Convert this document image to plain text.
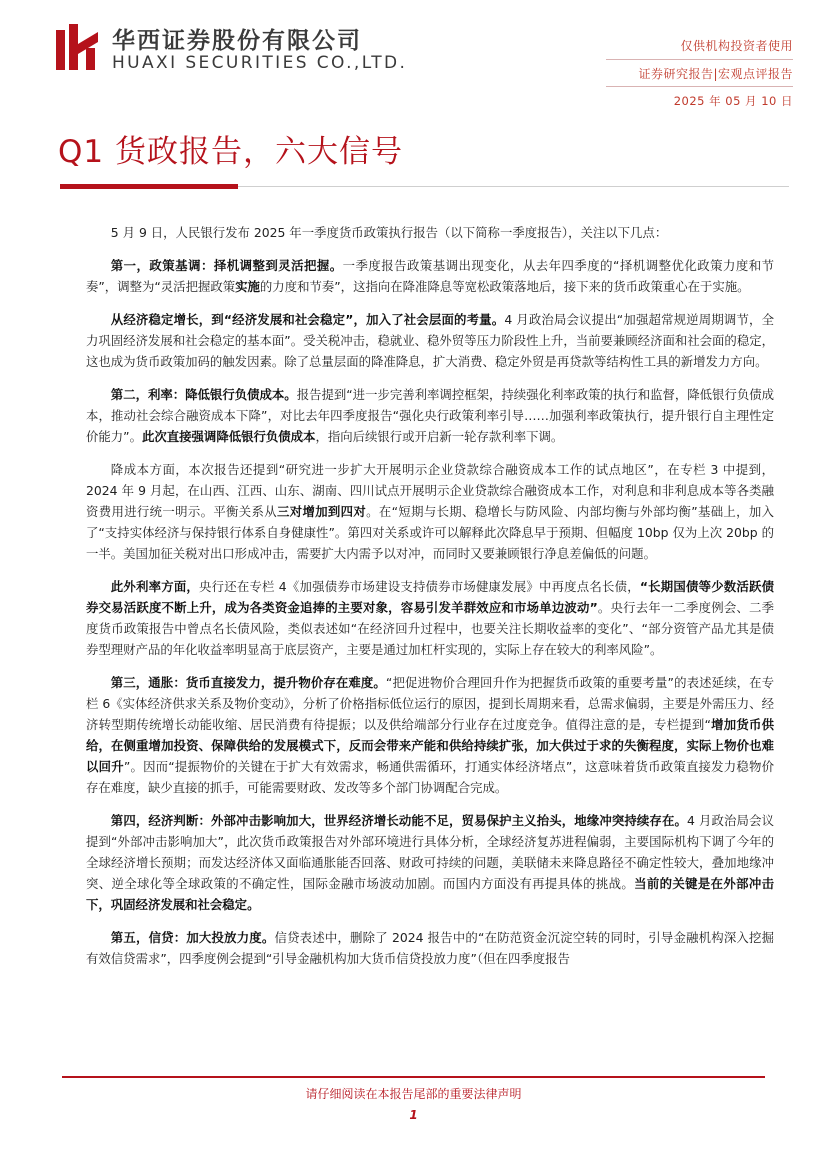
华西证券股份有限公司
HUAXI SECURITIES CO.,LTD.
仅供机构投资者使用
证券研究报告|宏观点评报告
2025 年 05 月 10 日
Q1 货政报告，六大信号

5 月 9 日，人民银行发布 2025 年一季度货币政策执行报告（以下简称一季度报告），关注以下几点：

第一，政策基调：择机调整到灵活把握。一季度报告政策基调出现变化，从去年四季度的“择机调整优化政策力度和节奏”，调整为“灵活把握政策实施的力度和节奏”，这指向在降准降息等宽松政策落地后，接下来的货币政策重心在于实施。

从经济稳定增长，到“经济发展和社会稳定”，加入了社会层面的考量。4 月政治局会议提出“加强超常规逆周期调节，全力巩固经济发展和社会稳定的基本面”。受关税冲击，稳就业、稳外贸等压力阶段性上升，当前要兼顾经济面和社会面的稳定，这也成为货币政策加码的触发因素。除了总量层面的降准降息，扩大消费、稳定外贸是再贷款等结构性工具的新增发力方向。

第二，利率：降低银行负债成本。报告提到“进一步完善利率调控框架，持续强化利率政策的执行和监督，降低银行负债成本，推动社会综合融资成本下降”，对比去年四季度报告“强化央行政策利率引导……加强利率政策执行，提升银行自主理性定价能力”。此次直接强调降低银行负债成本，指向后续银行或开启新一轮存款利率下调。

降成本方面，本次报告还提到“研究进一步扩大开展明示企业贷款综合融资成本工作的试点地区”，在专栏 3 中提到，2024 年 9 月起，在山西、江西、山东、湖南、四川试点开展明示企业贷款综合融资成本工作，对利息和非利息成本等各类融资费用进行统一明示。平衡关系从三对增加到四对。在“短期与长期、稳增长与防风险、内部均衡与外部均衡”基础上，加入了“支持实体经济与保持银行体系自身健康性”。第四对关系或许可以解释此次降息早于预期、但幅度 10bp 仅为上次 20bp 的一半。美国加征关税对出口形成冲击，需要扩大内需予以对冲，而同时又要兼顾银行净息差偏低的问题。

此外利率方面，央行还在专栏 4《加强债券市场建设支持债券市场健康发展》中再度点名长债，“长期国债等少数活跃债券交易活跃度不断上升，成为各类资金追捧的主要对象，容易引发羊群效应和市场单边波动”。央行去年一二季度例会、二季度货币政策报告中曾点名长债风险，类似表述如“在经济回升过程中，也要关注长期收益率的变化”、“部分资管产品尤其是债券型理财产品的年化收益率明显高于底层资产，主要是通过加杠杆实现的，实际上存在较大的利率风险”。

第三，通胀：货币直接发力，提升物价存在难度。“把促进物价合理回升作为把握货币政策的重要考量”的表述延续，在专栏 6《实体经济供求关系及物价变动》，分析了价格指标低位运行的原因，提到长周期来看，总需求偏弱，主要是外需压力、经济转型期传统增长动能收缩、居民消费有待提振；以及供给端部分行业存在过度竞争。值得注意的是，专栏提到“增加货币供给，在侧重增加投资、保障供给的发展模式下，反而会带来产能和供给持续扩张，加大供过于求的失衡程度，实际上物价也难以回升”。因而“提振物价的关键在于扩大有效需求，畅通供需循环，打通实体经济堵点”，这意味着货币政策直接发力稳物价存在难度，缺少直接的抓手，可能需要财政、发改等多个部门协调配合完成。

第四，经济判断：外部冲击影响加大，世界经济增长动能不足，贸易保护主义抬头，地缘冲突持续存在。4 月政治局会议提到“外部冲击影响加大”，此次货币政策报告对外部环境进行具体分析，全球经济复苏进程偏弱，主要国际机构下调了今年的全球经济增长预期；而发达经济体又面临通胀能否回落、财政可持续的问题，美联储未来降息路径不确定性较大，叠加地缘冲突、逆全球化等全球政策的不确定性，国际金融市场波动加剧。而国内方面没有再提具体的挑战。当前的关键是在外部冲击下，巩固经济发展和社会稳定。

第五，信贷：加大投放力度。信贷表述中，删除了 2024 报告中的“在防范资金沉淀空转的同时，引导金融机构深入挖掘有效信贷需求”，四季度例会提到“引导金融机构加大货币信贷投放力度”（但在四季度报告

请仔细阅读在本报告尾部的重要法律声明
1
